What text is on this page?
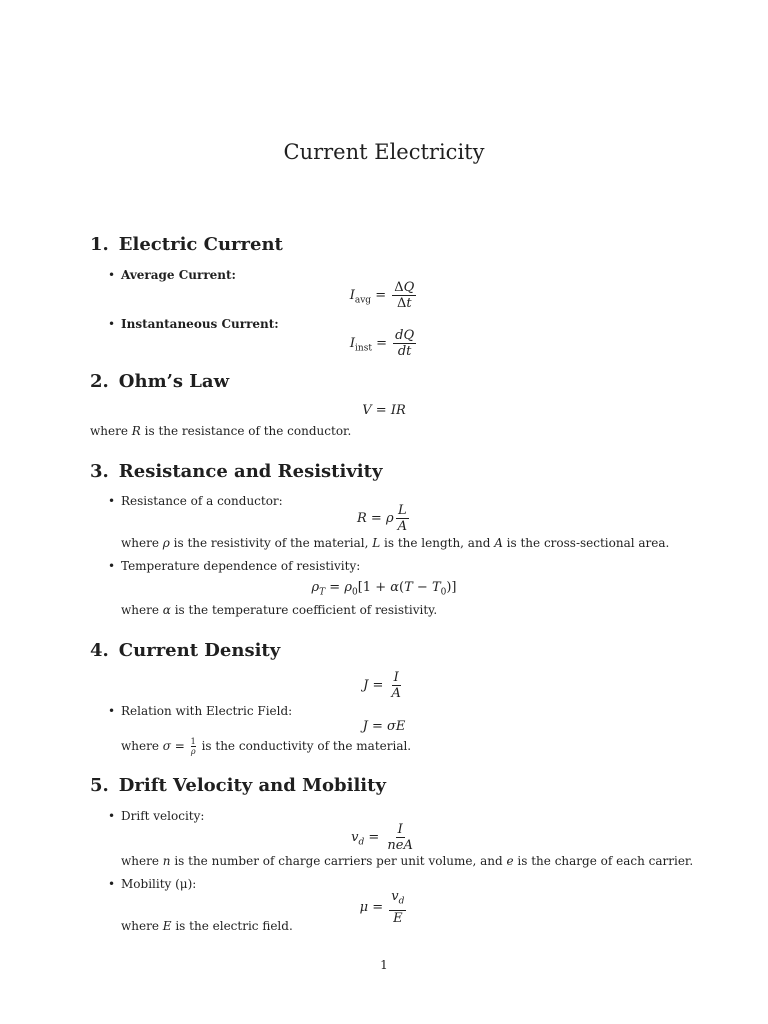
Current Electricity
1. Electric Current
• Average Current:
$I_{avg} = \frac{\Delta Q}{\Delta t}$
• Instantaneous Current:
$I_{inst} = \frac{dQ}{dt}$
2. Ohm’s Law
V = IR
where R is the resistance of the conductor.
3. Resistance and Resistivity
• Resistance of a conductor:
R = ρ $\frac{L}{A}$
where ρ is the resistivity of the material, L is the length, and A is the cross-sectional area.
• Temperature dependence of resistivity:
$\rho_T = \rho_0[1 + \alpha(T - T_0)]$
where α is the temperature coefficient of resistivity.
4. Current Density
$J = \frac{I}{A}$
• Relation with Electric Field:
J = σE
where $\sigma = \frac{1}{\rho}$ is the conductivity of the material.
5. Drift Velocity and Mobility
• Drift velocity:
$v_d = \frac{I}{\text{neA}}$
where n is the number of charge carriers per unit volume, and e is the charge of each carrier.
• Mobility (μ):
$\mu = \frac{v_d}{E}$
where E is the electric field.
1
